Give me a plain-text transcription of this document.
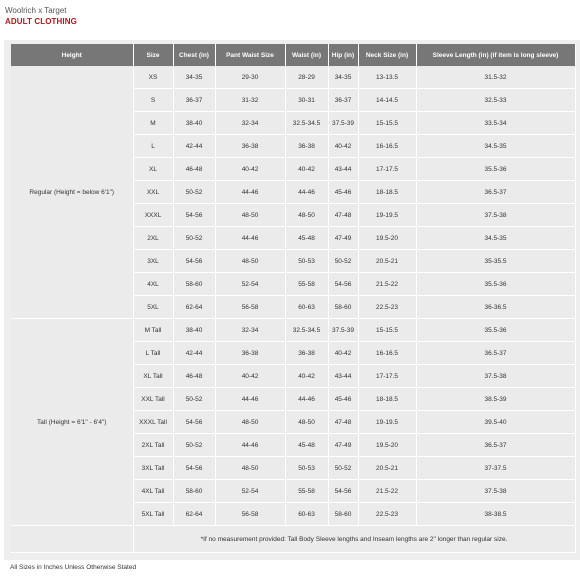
Woolrich x Target
ADULT CLOTHING
Height	Size	Chest (in)	Pant Waist Size	Waist (in)	Hip (in)	Neck Size (in)	Sleeve Length (in) (if item is long sleeve)
Regular (Height = below 6'1")	XS	34-35	29-30	28-29	34-35	13-13.5	31.5-32
	S	36-37	31-32	30-31	36-37	14-14.5	32.5-33
	M	38-40	32-34	32.5-34.5	37.5-39	15-15.5	33.5-34
	L	42-44	36-38	36-38	40-42	16-16.5	34.5-35
	XL	46-48	40-42	40-42	43-44	17-17.5	35.5-36
	XXL	50-52	44-46	44-46	45-46	18-18.5	36.5-37
	XXXL	54-56	48-50	48-50	47-48	19-19.5	37.5-38
	2XL	50-52	44-46	45-48	47-49	19.5-20	34.5-35
	3XL	54-56	48-50	50-53	50-52	20.5-21	35-35.5
	4XL	58-60	52-54	55-58	54-56	21.5-22	35.5-36
	5XL	62-64	56-58	60-63	58-60	22.5-23	36-36.5
Tall (Height = 6'1" - 6'4")	M Tall	38-40	32-34	32.5-34.5	37.5-39	15-15.5	35.5-36
	L Tall	42-44	36-38	36-38	40-42	16-16.5	36.5-37
	XL Tall	46-48	40-42	40-42	43-44	17-17.5	37.5-38
	XXL Tall	50-52	44-46	44-46	45-46	18-18.5	38.5-39
	XXXL Tall	54-56	48-50	48-50	47-48	19-19.5	39.5-40
	2XL Tall	50-52	44-46	45-48	47-49	19.5-20	36.5-37
	3XL Tall	54-56	48-50	50-53	50-52	20.5-21	37-37.5
	4XL Tall	58-60	52-54	55-58	54-56	21.5-22	37.5-38
	5XL Tall	62-64	56-58	60-63	58-60	22.5-23	38-38.5
	*If no measurement provided: Tall Body Sleeve lengths and Inseam lengths are 2" longer than regular size.						
All Sizes in Inches Unless Otherwise Stated
